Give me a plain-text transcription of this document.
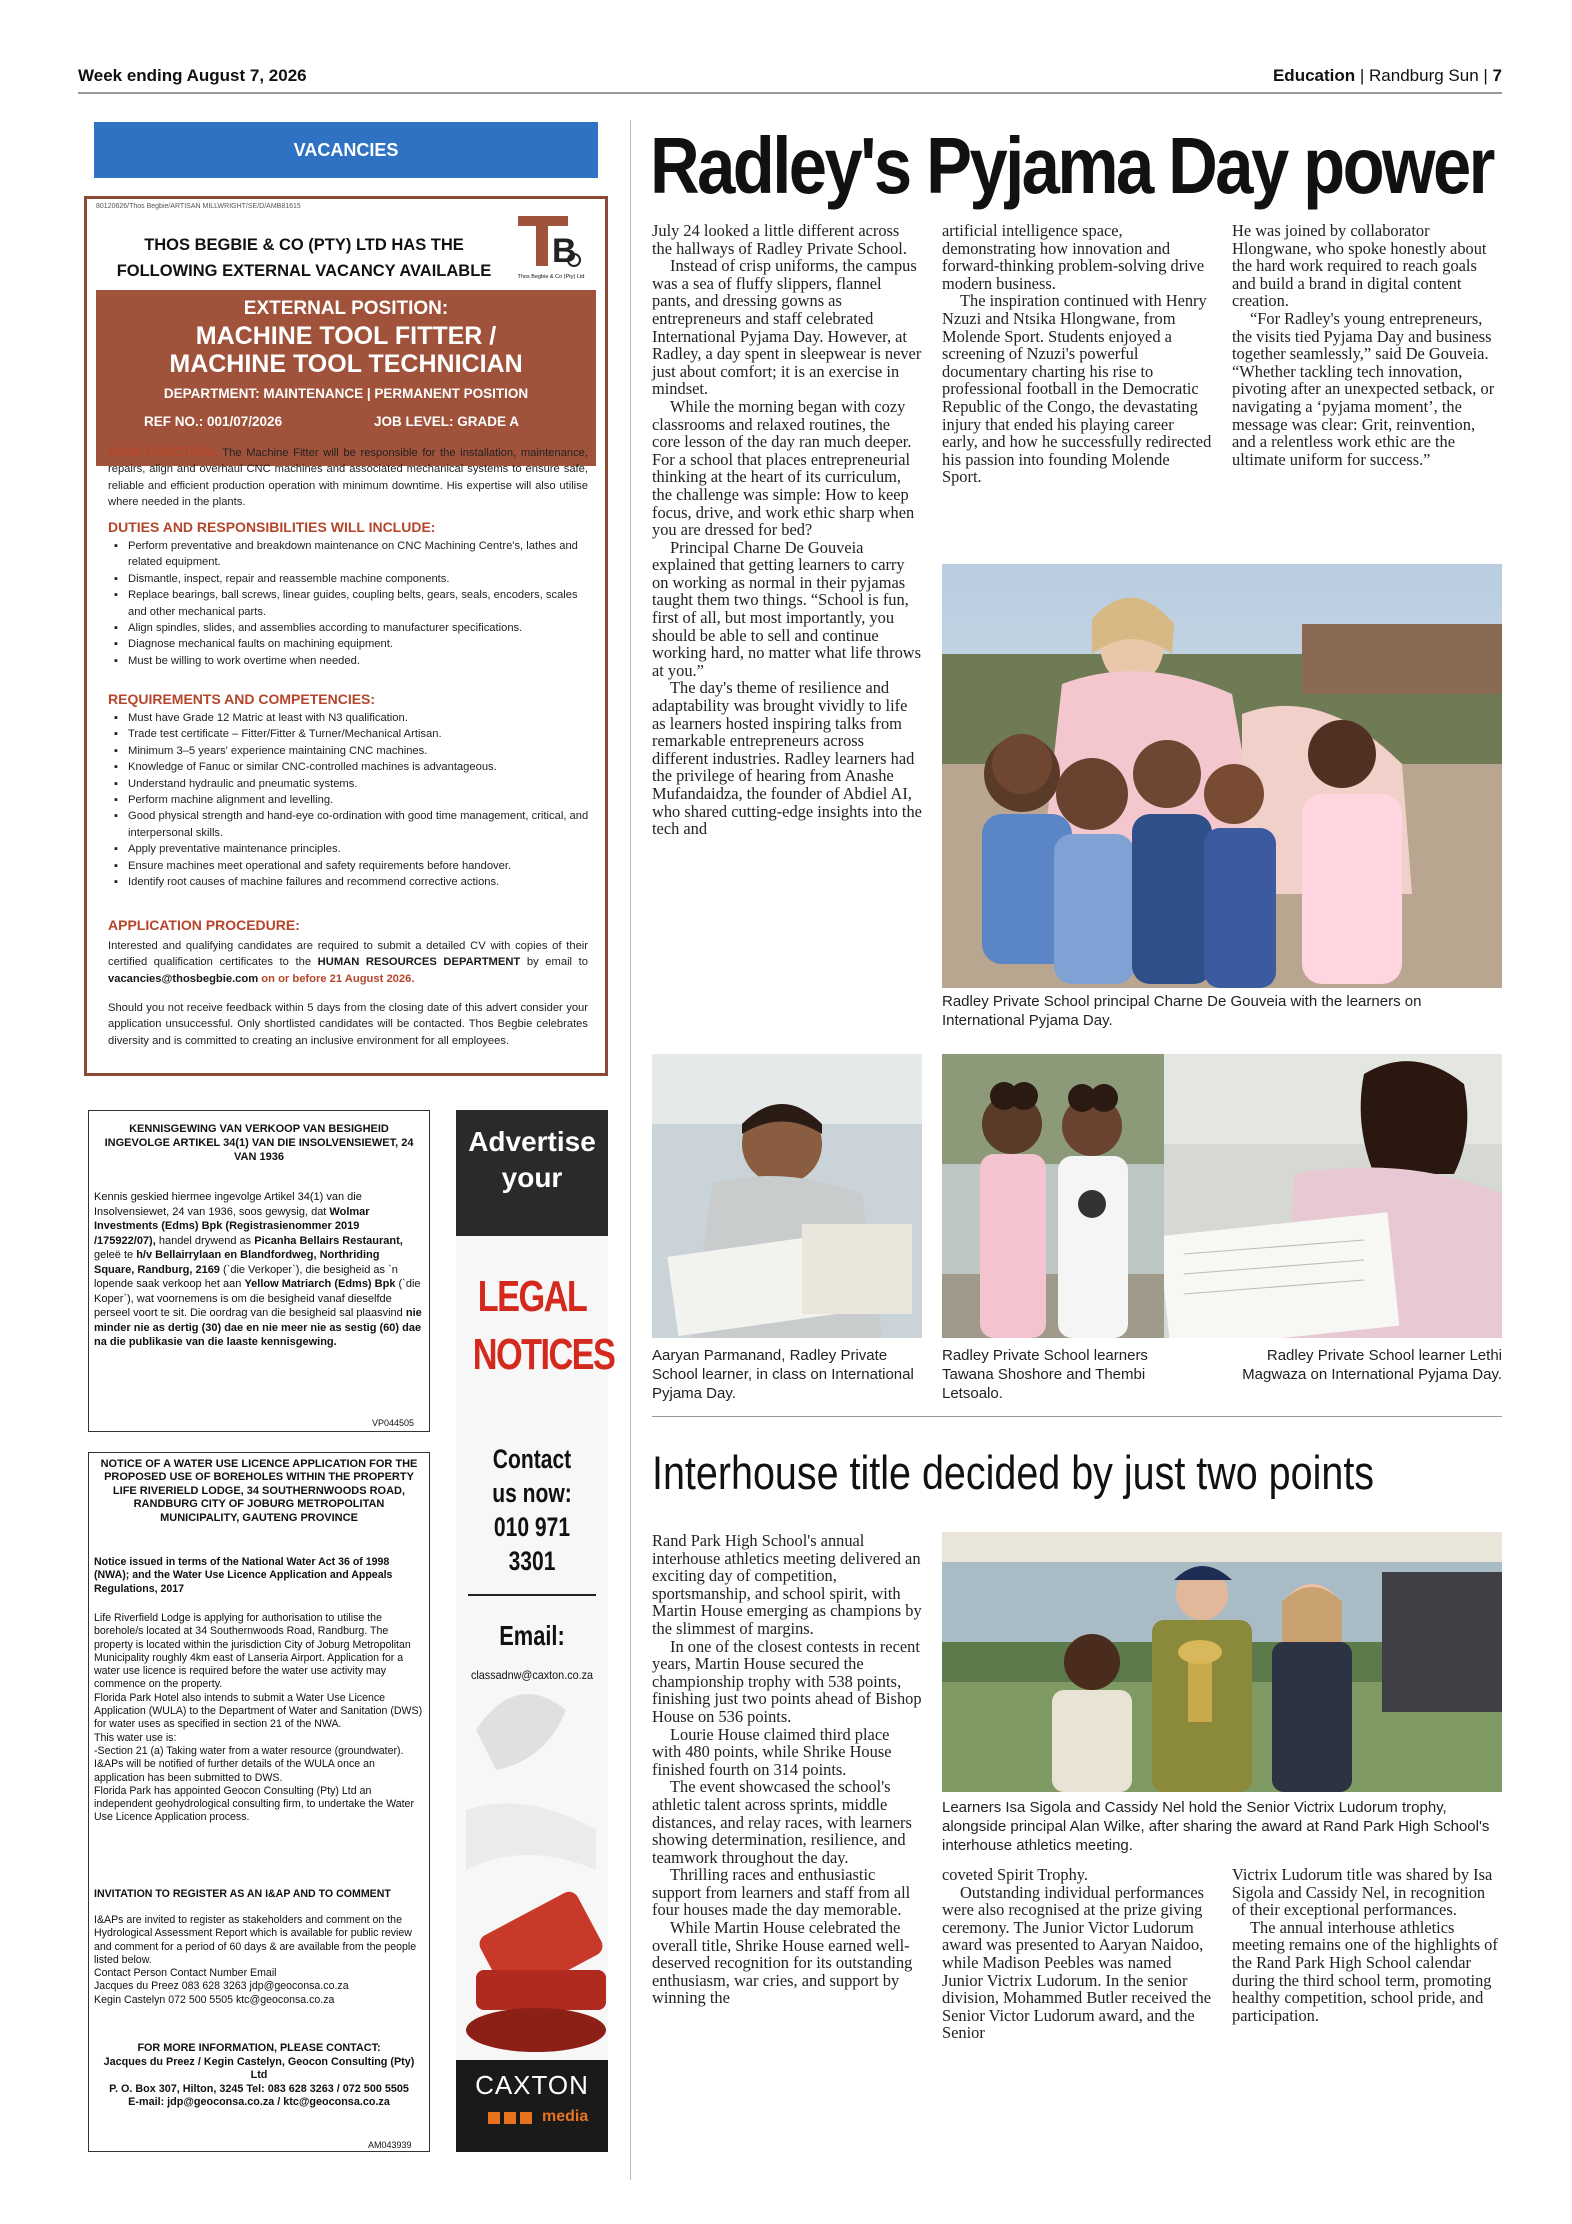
Week ending August 7, 2026	Education | Randburg Sun | 7
VACANCIES
80120626/Thos Begbie/ARTISAN MILLWRIGHT/SE/D/AMB81615
THOS BEGBIE & CO (PTY) LTD HAS THE
FOLLOWING EXTERNAL VACANCY AVAILABLE
B
Thos Begbie & Co (Pty) Ltd
EXTERNAL POSITION:
MACHINE TOOL FITTER /
MACHINE TOOL TECHNICIAN
DEPARTMENT: MAINTENANCE | PERMANENT POSITION
REF NO.: 001/07/2026	JOB LEVEL: GRADE A
MAIN FUNCTION: The Machine Fitter will be responsible for the installation, maintenance, repairs, align and overhaul CNC machines and associated mechanical systems to ensure safe, reliable and efficient production operation with minimum downtime. His expertise will also utilise where needed in the plants.
DUTIES AND RESPONSIBILITIES WILL INCLUDE:
▪ Perform preventative and breakdown maintenance on CNC Machining Centre's, lathes and related equipment.
▪ Dismantle, inspect, repair and reassemble machine components.
▪ Replace bearings, ball screws, linear guides, coupling belts, gears, seals, encoders, scales and other mechanical parts.
▪ Align spindles, slides, and assemblies according to manufacturer specifications.
▪ Diagnose mechanical faults on machining equipment.
▪ Must be willing to work overtime when needed.
REQUIREMENTS AND COMPETENCIES:
▪ Must have Grade 12 Matric at least with N3 qualification.
▪ Trade test certificate – Fitter/Fitter & Turner/Mechanical Artisan.
▪ Minimum 3–5 years' experience maintaining CNC machines.
▪ Knowledge of Fanuc or similar CNC-controlled machines is advantageous.
▪ Understand hydraulic and pneumatic systems.
▪ Perform machine alignment and levelling.
▪ Good physical strength and hand-eye co-ordination with good time management, critical, and interpersonal skills.
▪ Apply preventative maintenance principles.
▪ Ensure machines meet operational and safety requirements before handover.
▪ Identify root causes of machine failures and recommend corrective actions.
APPLICATION PROCEDURE:
Interested and qualifying candidates are required to submit a detailed CV with copies of their certified qualification certificates to the HUMAN RESOURCES DEPARTMENT by email to vacancies@thosbegbie.com on or before 21 August 2026.
Should you not receive feedback within 5 days from the closing date of this advert consider your application unsuccessful. Only shortlisted candidates will be contacted. Thos Begbie celebrates diversity and is committed to creating an inclusive environment for all employees.
KENNISGEWING VAN VERKOOP VAN BESIGHEID INGEVOLGE ARTIKEL 34(1) VAN DIE INSOLVENSIEWET, 24 VAN 1936
Kennis geskied hiermee ingevolge Artikel 34(1) van die Insolvensiewet, 24 van 1936, soos gewysig, dat Wolmar Investments (Edms) Bpk (Registrasienommer 2019 /175922/07), handel drywend as Picanha Bellairs Restaurant, geleë te h/v Bellairrylaan en Blandfordweg, Northriding Square, Randburg, 2169 (`die Verkoper`), die besigheid as `n lopende saak verkoop het aan Yellow Matriarch (Edms) Bpk (`die Koper`), wat voornemens is om die besigheid vanaf dieselfde perseel voort te sit. Die oordrag van die besigheid sal plaasvind nie minder nie as dertig (30) dae en nie meer nie as sestig (60) dae na die publikasie van die laaste kennisgewing.
VP044505
NOTICE OF A WATER USE LICENCE APPLICATION FOR THE PROPOSED USE OF BOREHOLES WITHIN THE PROPERTY LIFE RIVERIELD LODGE, 34 SOUTHERNWOODS ROAD, RANDBURG CITY OF JOBURG METROPOLITAN MUNICIPALITY, GAUTENG PROVINCE
Notice issued in terms of the National Water Act 36 of 1998 (NWA); and the Water Use Licence Application and Appeals Regulations, 2017
Life Riverfield Lodge is applying for authorisation to utilise the borehole/s located at 34 Southernwoods Road, Randburg. The property is located within the jurisdiction City of Joburg Metropolitan Municipality roughly 4km east of Lanseria Airport. Application for a water use licence is required before the water use activity may commence on the property.
Florida Park Hotel also intends to submit a Water Use Licence Application (WULA) to the Department of Water and Sanitation (DWS) for water uses as specified in section 21 of the NWA.
This water use is:
-Section 21 (a) Taking water from a water resource (groundwater).
I&APs will be notified of further details of the WULA once an application has been submitted to DWS.
Florida Park has appointed Geocon Consulting (Pty) Ltd an independent geohydrological consulting firm, to undertake the Water Use Licence Application process.
INVITATION TO REGISTER AS AN I&AP AND TO COMMENT
I&APs are invited to register as stakeholders and comment on the Hydrological Assessment Report which is available for public review and comment for a period of 60 days & are available from the people listed below.
Contact Person Contact Number Email
Jacques du Preez 083 628 3263 jdp@geoconsa.co.za
Kegin Castelyn 072 500 5505 ktc@geoconsa.co.za
FOR MORE INFORMATION, PLEASE CONTACT:
Jacques du Preez / Kegin Castelyn, Geocon Consulting (Pty) Ltd
P. O. Box 307, Hilton, 3245 Tel: 083 628 3263 / 072 500 5505
E-mail: jdp@geoconsa.co.za / ktc@geoconsa.co.za
AM043939
Advertise
your
LEGAL
NOTICES
Contact
us now:
010 971 3301
Email:
classadnw@caxton.co.za
CAXTON
media
Radley's Pyjama Day power

July 24 looked a little different across the hallways of Radley Private School.

Instead of crisp uniforms, the campus was a sea of fluffy slippers, flannel pants, and dressing gowns as entrepreneurs and staff celebrated International Pyjama Day. However, at Radley, a day spent in sleepwear is never just about comfort; it is an exercise in mindset.

While the morning began with cozy classrooms and relaxed routines, the core lesson of the day ran much deeper. For a school that places entrepreneurial thinking at the heart of its curriculum, the challenge was simple: How to keep focus, drive, and work ethic sharp when you are dressed for bed?

Principal Charne De Gouveia explained that getting learners to carry on working as normal in their pyjamas taught them two things. “School is fun, first of all, but most importantly, you should be able to sell and continue working hard, no matter what life throws at you.”

The day's theme of resilience and adaptability was brought vividly to life as learners hosted inspiring talks from remarkable entrepreneurs across different industries. Radley learners had the privilege of hearing from Anashe Mufandaidza, the founder of Abdiel AI, who shared cutting-edge insights into the tech and

artificial intelligence space, demonstrating how innovation and forward-thinking problem-solving drive modern business.

The inspiration continued with Henry Nzuzi and Ntsika Hlongwane, from Molende Sport. Students enjoyed a screening of Nzuzi's powerful documentary charting his rise to professional football in the Democratic Republic of the Congo, the devastating injury that ended his playing career early, and how he successfully redirected his passion into founding Molende Sport.

He was joined by collaborator Hlongwane, who spoke honestly about the hard work required to reach goals and build a brand in digital content creation.

“For Radley's young entrepreneurs, the visits tied Pyjama Day and business together seamlessly,” said De Gouveia. “Whether tackling tech innovation, pivoting after an unexpected setback, or navigating a ‘pyjama moment’, the message was clear: Grit, reinvention, and a relentless work ethic are the ultimate uniform for success.”

Radley Private School principal Charne De Gouveia with the learners on International Pyjama Day.
Aaryan Parmanand, Radley Private School learner, in class on International Pyjama Day.
Radley Private School learners Tawana Shoshore and Thembi Letsoalo.
Radley Private School learner Lethi Magwaza on International Pyjama Day.
Interhouse title decided by just two points

Rand Park High School's annual interhouse athletics meeting delivered an exciting day of competition, sportsmanship, and school spirit, with Martin House emerging as champions by the slimmest of margins.

In one of the closest contests in recent years, Martin House secured the championship trophy with 538 points, finishing just two points ahead of Bishop House on 536 points.

Lourie House claimed third place with 480 points, while Shrike House finished fourth on 314 points.

The event showcased the school's athletic talent across sprints, middle distances, and relay races, with learners showing determination, resilience, and teamwork throughout the day.

Thrilling races and enthusiastic support from learners and staff from all four houses made the day memorable.

While Martin House celebrated the overall title, Shrike House earned well-deserved recognition for its outstanding enthusiasm, war cries, and support by winning the

Learners Isa Sigola and Cassidy Nel hold the Senior Victrix Ludorum trophy, alongside principal Alan Wilke, after sharing the award at Rand Park High School's interhouse athletics meeting.

coveted Spirit Trophy.

Outstanding individual performances were also recognised at the prize giving ceremony. The Junior Victor Ludorum award was presented to Aaryan Naidoo, while Madison Peebles was named Junior Victrix Ludorum. In the senior division, Mohammed Butler received the Senior Victor Ludorum award, and the Senior

Victrix Ludorum title was shared by Isa Sigola and Cassidy Nel, in recognition of their exceptional performances.

The annual interhouse athletics meeting remains one of the highlights of the Rand Park High School calendar during the third school term, promoting healthy competition, school pride, and participation.
